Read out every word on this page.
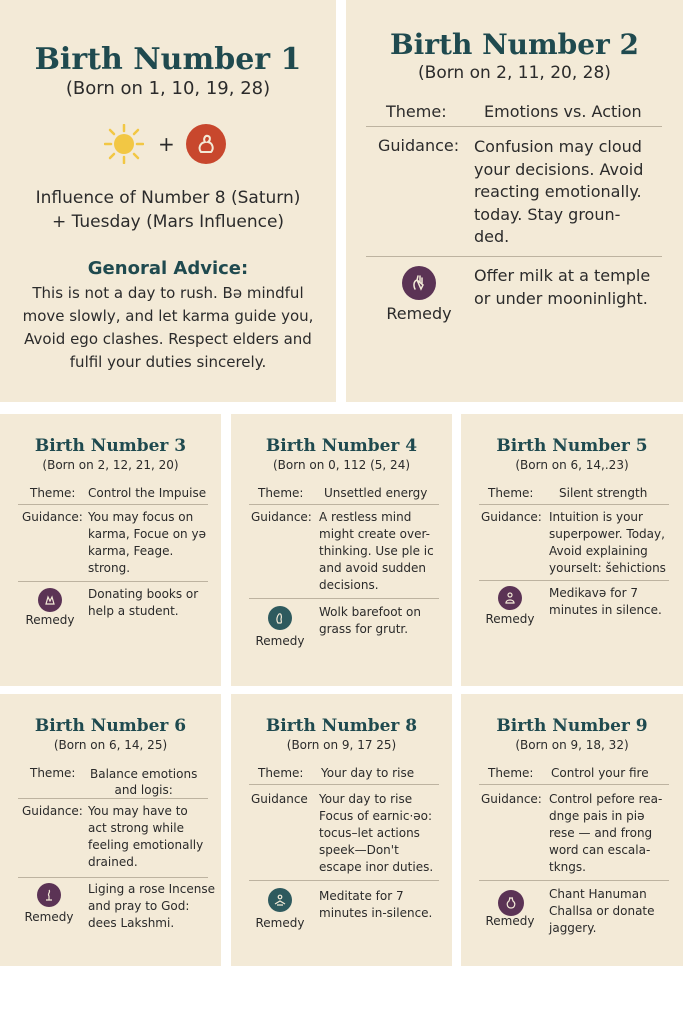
Birth Number 1
(Born on 1, 10, 19, 28)
+
Influence of Number 8 (Saturn)
+ Tuesday (Mars Influence)
Genoral Advice:
This is not a day to rush. Bə mindful
move slowly, and let karma guide you,
Avoid ego clashes. Respect elders and
fulfil your duties sincerely.
Birth Number 2
(Born on 2, 11, 20, 28)
Theme: Emotions vs. Action
Guidance: Confusion may cloud
your decisions. Avoid
reacting emotionally.
today. Stay groun-
ded.
Remedy
Offer milk at a temple
or under mooninlight.
Birth Number 3
(Born on 2, 12, 21, 20)
Theme: Control the Impuise
Guidance: You may focus on
karma, Focue on yə
karma, Feage.
strong.
Remedy
Donating books or
help a student.
Birth Number 4
(Born on 0, 112 (5, 24)
Theme: Unsettled energy
Guidance: A restless mind
might create over-
thinking. Use ple ic
and avoid sudden
decisions.
Remedy
Wolk barefoot on
grass for grutr.
Birth Number 5
(Born on 6, 14,.23)
Theme: Silent strength
Guidance: Intuition is your
superpower. Today,
Avoid explaining
yourselt: šehictions
Remedy
Medikavə for 7
minutes in silence.
Birth Number 6
(Born on 6, 14, 25)
Theme: Balance emotions
and logis:
Guidance: You may have to
act strong while
feeling emotionally
drained.
Remedy
Liging a rose Incense
and pray to God:
dees Lakshmi.
Birth Number 8
(Born on 9, 17 25)
Theme: Your day to rise
Guidance Your day to rise
Focus of earnic·əo:
tocus–let actions
speek—Don't
escape inor duties.
Remedy
Meditate for 7
minutes in-silence.
Birth Number 9
(Born on 9, 18, 32)
Theme: Control your fire
Guidance: Control pefore rea-
dnge pais in piə
rese — and frong
word can escala-
tkngs.
Remedy
Chant Hanuman
Challsa or donate
jaggery.
